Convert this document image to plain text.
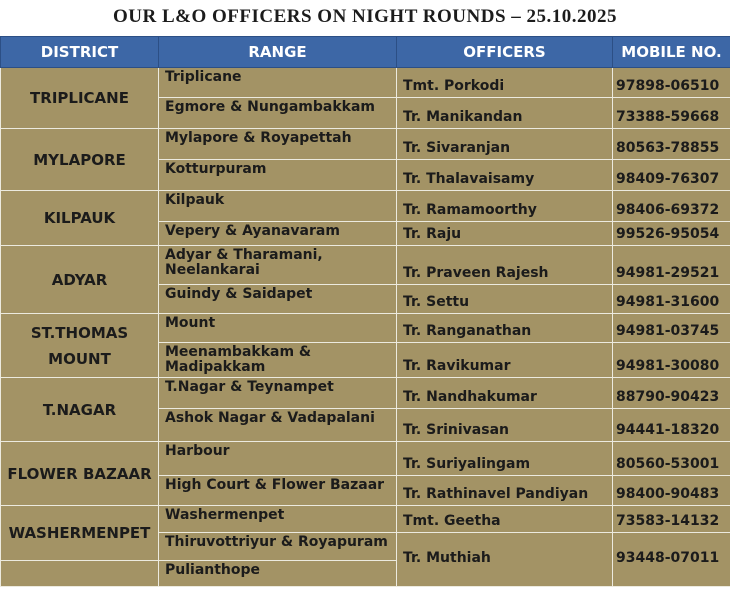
OUR L&O OFFICERS ON NIGHT ROUNDS – 25.10.2025
DISTRICT	RANGE	OFFICERS	MOBILE NO.
TRIPLICANE	Triplicane	Tmt. Porkodi	97898-06510
	Egmore & Nungambakkam	Tr. Manikandan	73388-59668
MYLAPORE	Mylapore & Royapettah	Tr. Sivaranjan	80563-78855
	Kotturpuram	Tr. Thalavaisamy	98409-76307
KILPAUK	Kilpauk	Tr. Ramamoorthy	98406-69372
	Vepery & Ayanavaram	Tr. Raju	99526-95054
ADYAR	Adyar & Tharamani, Neelankarai	Tr. Praveen Rajesh	94981-29521
	Guindy & Saidapet	Tr. Settu	94981-31600
ST.THOMAS MOUNT	Mount	Tr. Ranganathan	94981-03745
	Meenambakkam & Madipakkam	Tr. Ravikumar	94981-30080
T.NAGAR	T.Nagar & Teynampet	Tr. Nandhakumar	88790-90423
	Ashok Nagar & Vadapalani	Tr. Srinivasan	94441-18320
FLOWER BAZAAR	Harbour	Tr. Suriyalingam	80560-53001
	High Court & Flower Bazaar	Tr. Rathinavel Pandiyan	98400-90483
WASHERMENPET	Washermenpet	Tmt. Geetha	73583-14132
	Thiruvottriyur & Royapuram	Tr. Muthiah	93448-07011
	Pulianthope		
